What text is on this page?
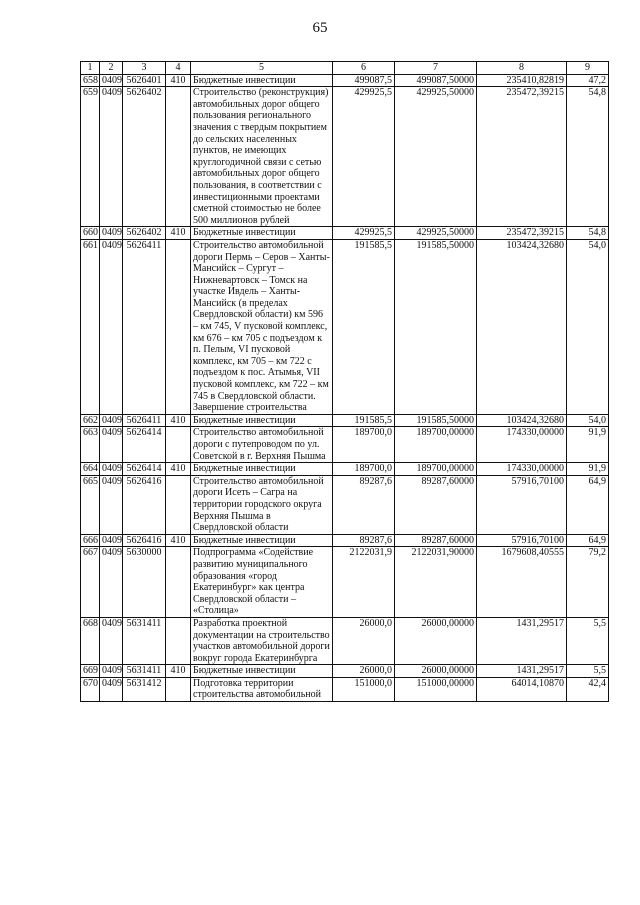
65
1	2	3	4	5	6	7	8	9
658	0409	5626401	410	Бюджетные инвестиции	499087,5	499087,50000	235410,82819	47,2
659	0409	5626402		Строительство (реконструкция) автомобильных дорог общего пользования регионального значения с твердым покрытием до сельских населенных пунктов, не имеющих круглогодичной связи с сетью автомобильных дорог общего пользования, в соответствии с инвестиционными проектами сметной стоимостью не более 500 миллионов рублей	429925,5	429925,50000	235472,39215	54,8
660	0409	5626402	410	Бюджетные инвестиции	429925,5	429925,50000	235472,39215	54,8
661	0409	5626411		Строительство автомобильной дороги Пермь – Серов – Ханты-Мансийск – Сургут – Нижневартовск – Томск на участке Ивдель – Ханты-Мансийск (в пределах Свердловской области) км 596 – км 745, V пусковой комплекс, км 676 – км 705 с подъездом к п. Пелым, VI пусковой комплекс, км 705 – км 722 с подъездом к пос. Атымья, VII пусковой комплекс, км 722 – км 745 в Свердловской области. Завершение строительства	191585,5	191585,50000	103424,32680	54,0
662	0409	5626411	410	Бюджетные инвестиции	191585,5	191585,50000	103424,32680	54,0
663	0409	5626414		Строительство автомобильной дороги с путепроводом по ул. Советской в г. Верхняя Пышма	189700,0	189700,00000	174330,00000	91,9
664	0409	5626414	410	Бюджетные инвестиции	189700,0	189700,00000	174330,00000	91,9
665	0409	5626416		Строительство автомобильной дороги Исеть – Сагра на территории городского округа Верхняя Пышма в Свердловской области	89287,6	89287,60000	57916,70100	64,9
666	0409	5626416	410	Бюджетные инвестиции	89287,6	89287,60000	57916,70100	64,9
667	0409	5630000		Подпрограмма «Содействие развитию муниципального образования «город Екатеринбург» как центра Свердловской области – «Столица»	2122031,9	2122031,90000	1679608,40555	79,2
668	0409	5631411		Разработка проектной документации на строительство участков автомобильной дороги вокруг города Екатеринбурга	26000,0	26000,00000	1431,29517	5,5
669	0409	5631411	410	Бюджетные инвестиции	26000,0	26000,00000	1431,29517	5,5
670	0409	5631412		Подготовка территории строительства автомобильной	151000,0	151000,00000	64014,10870	42,4
